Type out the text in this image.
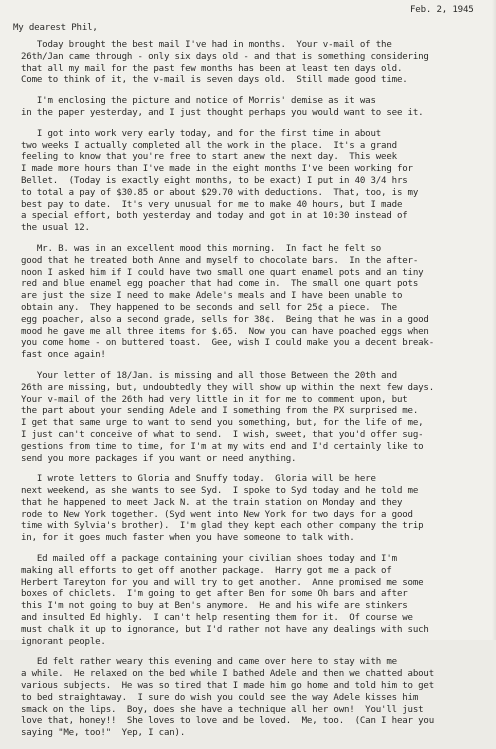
Feb. 2, 1945
My dearest Phil,
Today brought the best mail I've had in months.  Your v-mail of the
26th/Jan came through - only six days old - and that is something considering
that all my mail for the past few months has been at least ten days old.
Come to think of it, the v-mail is seven days old.  Still made good time.
I'm enclosing the picture and notice of Morris' demise as it was
in the paper yesterday, and I just thought perhaps you would want to see it.
I got into work very early today, and for the first time in about
two weeks I actually completed all the work in the place.  It's a grand
feeling to know that you're free to start anew the next day.  This week
I made more hours than I've made in the eight months I've been working for
Bellet.  (Today is exactly eight months, to be exact) I put in 40 3/4 hrs
to total a pay of $30.85 or about $29.70 with deductions.  That, too, is my
best pay to date.  It's very unusual for me to make 40 hours, but I made
a special effort, both yesterday and today and got in at 10:30 instead of
the usual 12.
Mr. B. was in an excellent mood this morning.  In fact he felt so
good that he treated both Anne and myself to chocolate bars.  In the after-
noon I asked him if I could have two small one quart enamel pots and an tiny
red and blue enamel egg poacher that had come in.  The small one quart pots
are just the size I need to make Adele's meals and I have been unable to
obtain any.  They happened to be seconds and sell for 25¢ a piece.  The
egg poacher, also a second grade, sells for 38¢.  Being that he was in a good
mood he gave me all three items for $.65.  Now you can have poached eggs when
you come home - on buttered toast.  Gee, wish I could make you a decent break-
fast once again!
Your letter of 18/Jan. is missing and all those Between the 20th and
26th are missing, but, undoubtedly they will show up within the next few days.
Your v-mail of the 26th had very little in it for me to comment upon, but
the part about your sending Adele and I something from the PX surprised me.
I get that same urge to want to send you something, but, for the life of me,
I just can't conceive of what to send.  I wish, sweet, that you'd offer sug-
gestions from time to time, for I'm at my wits end and I'd certainly like to
send you more packages if you want or need anything.
I wrote letters to Gloria and Snuffy today.  Gloria will be here
next weekend, as she wants to see Syd.  I spoke to Syd today and he told me
that he happened to meet Jack N. at the train station on Monday and they
rode to New York together. (Syd went into New York for two days for a good
time with Sylvia's brother).  I'm glad they kept each other company the trip
in, for it goes much faster when you have someone to talk with.
Ed mailed off a package containing your civilian shoes today and I'm
making all efforts to get off another package.  Harry got me a pack of
Herbert Tareyton for you and will try to get another.  Anne promised me some
boxes of chiclets.  I'm going to get after Ben for some Oh bars and after
this I'm not going to buy at Ben's anymore.  He and his wife are stinkers
and insulted Ed highly.  I can't help resenting them for it.  Of course we
must chalk it up to ignorance, but I'd rather not have any dealings with such
ignorant people.
Ed felt rather weary this evening and came over here to stay with me
a while.  He relaxed on the bed while I bathed Adele and then we chatted about
various subjects.  He was so tired that I made him go home and told him to get
to bed straightaway.  I sure do wish you could see the way Adele kisses him
smack on the lips.  Boy, does she have a technique all her own!  You'll just
love that, honey!!  She loves to love and be loved.  Me, too.  (Can I hear you
saying "Me, too!"  Yep, I can).
